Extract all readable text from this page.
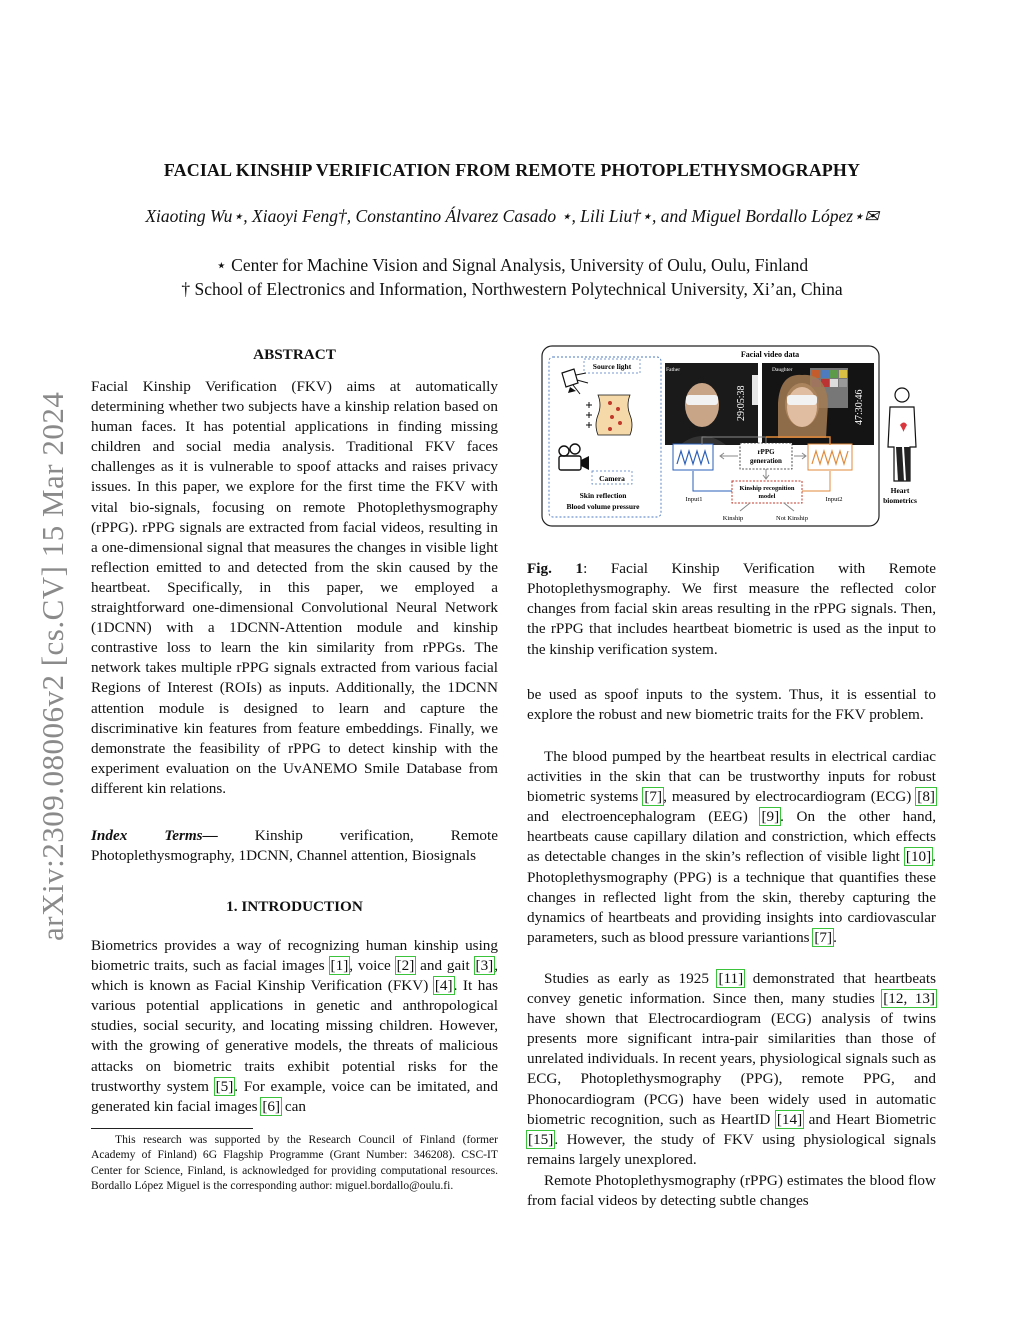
arXiv:2309.08006v2 [cs.CV] 15 Mar 2024
FACIAL KINSHIP VERIFICATION FROM REMOTE PHOTOPLETHYSMOGRAPHY
Xiaoting Wu⋆, Xiaoyi Feng†, Constantino Álvarez Casado ⋆, Lili Liu†⋆, and Miguel Bordallo López⋆✉
⋆ Center for Machine Vision and Signal Analysis, University of Oulu, Oulu, Finland
† School of Electronics and Information, Northwestern Polytechnical University, Xi’an, China
ABSTRACT

Facial Kinship Verification (FKV) aims at automatically determining whether two subjects have a kinship relation based on human faces. It has potential applications in finding missing children and social media analysis. Traditional FKV faces challenges as it is vulnerable to spoof attacks and raises privacy issues. In this paper, we explore for the first time the FKV with vital bio-signals, focusing on remote Photoplethysmography (rPPG). rPPG signals are extracted from facial videos, resulting in a one-dimensional signal that measures the changes in visible light reflection emitted to and detected from the skin caused by the heartbeat. Specifically, in this paper, we employed a straightforward one-dimensional Convolutional Neural Network (1DCNN) with a 1DCNN-Attention module and kinship contrastive loss to learn the kin similarity from rPPGs. The network takes multiple rPPG signals extracted from various facial Regions of Interest (ROIs) as inputs. Additionally, the 1DCNN attention module is designed to learn and capture the discriminative kin features from feature embeddings. Finally, we demonstrate the feasibility of rPPG to detect kinship with the experiment evaluation on the UvANEMO Smile Database from different kin relations.

Index Terms— Kinship verification, Remote Photoplethysmography, 1DCNN, Channel attention, Biosignals

1. INTRODUCTION

Biometrics provides a way of recognizing human kinship using biometric traits, such as facial images [1], voice [2] and gait [3], which is known as Facial Kinship Verification (FKV) [4]. It has various potential applications in genetic and anthropological studies, social security, and locating missing children. However, with the growing of generative models, the threats of malicious attacks on biometric traits exhibit potential risks for the trustworthy system [5]. For example, voice can be imitated, and generated kin facial images [6] can

This research was supported by the Research Council of Finland (former Academy of Finland) 6G Flagship Programme (Grant Number: 346208). CSC-IT Center for Science, Finland, is acknowledged for providing computational resources. Bordallo López Miguel is the corresponding author: miguel.bordallo@oulu.fi.
Facial video data
Source light
Camera
Skin reflection
Blood volume pressure
Father
29:05:38
Daughter
47:30:46
rPPG
generation
Kinship recognition
model
Input1	Input2
Kinship	Not Kinship
Heart
biometrics

Fig. 1: Facial Kinship Verification with Remote Photoplethysmography. We first measure the reflected color changes from facial skin areas resulting in the rPPG signals. Then, the rPPG that includes heartbeat biometric is used as the input to the kinship verification system.

be used as spoof inputs to the system. Thus, it is essential to explore the robust and new biometric traits for the FKV problem.

The blood pumped by the heartbeat results in electrical cardiac activities in the skin that can be trustworthy inputs for robust biometric systems [7], measured by electrocardiogram (ECG) [8] and electroencephalogram (EEG) [9]. On the other hand, heartbeats cause capillary dilation and constriction, which effects as detectable changes in the skin’s reflection of visible light [10]. Photoplethysmography (PPG) is a technique that quantifies these changes in reflected light from the skin, thereby capturing the dynamics of heartbeats and providing insights into cardiovascular parameters, such as blood pressure variantions [7].

Studies as early as 1925 [11] demonstrated that heartbeats convey genetic information. Since then, many studies [12, 13] have shown that Electrocardiogram (ECG) analysis of twins presents more significant intra-pair similarities than those of unrelated individuals. In recent years, physiological signals such as ECG, Photoplethysmography (PPG), remote PPG, and Phonocardiogram (PCG) have been widely used in automatic biometric recognition, such as HeartID [14] and Heart Biometric [15]. However, the study of FKV using physiological signals remains largely unexplored.

Remote Photoplethysmography (rPPG) estimates the blood flow from facial videos by detecting subtle changes
